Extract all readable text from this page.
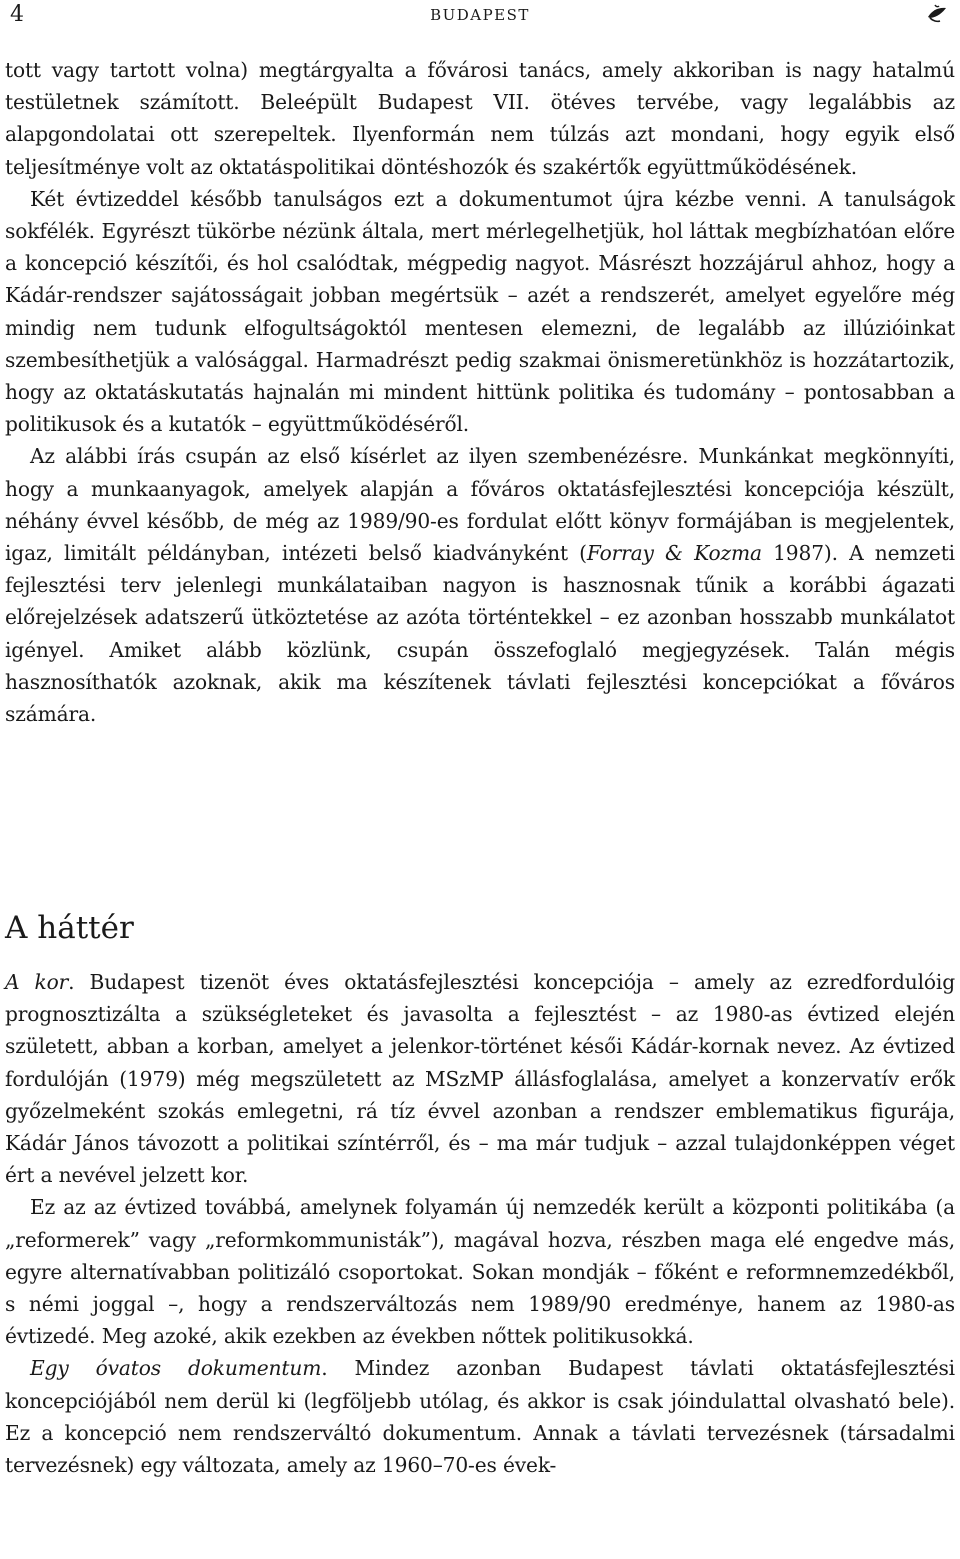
4	BUDAPEST

tott vagy tartott volna) megtárgyalta a fővárosi tanács, amely akkoriban is nagy hatalmú testületnek számított. Beleépült Budapest VII. ötéves tervébe, vagy legalábbis az alapgondolatai ott szerepeltek. Ilyenformán nem túlzás azt mondani, hogy egyik első teljesítménye volt az oktatáspolitikai döntéshozók és szakértők együttműködésének.

Két évtizeddel később tanulságos ezt a dokumentumot újra kézbe venni. A tanulságok sokfélék. Egyrészt tükörbe nézünk általa, mert mérlegelhetjük, hol láttak megbízhatóan előre a koncepció készítői, és hol csalódtak, mégpedig nagyot. Másrészt hozzájárul ahhoz, hogy a Kádár-rendszer sajátosságait jobban megértsük – azét a rendszerét, amelyet egyelőre még mindig nem tudunk elfogultságoktól mentesen elemezni, de legalább az illúzióinkat szembesíthetjük a valósággal. Harmadrészt pedig szakmai önismeretünkhöz is hozzátartozik, hogy az oktatáskutatás hajnalán mi mindent hittünk politika és tudomány – pontosabban a politikusok és a kutatók – együttműködéséről.

Az alábbi írás csupán az első kísérlet az ilyen szembenézésre. Munkánkat megkönnyíti, hogy a munkaanyagok, amelyek alapján a főváros oktatásfejlesztési koncepciója készült, néhány évvel később, de még az 1989/90-es fordulat előtt könyv formájában is megjelentek, igaz, limitált példányban, intézeti belső kiadványként (Forray & Kozma 1987). A nemzeti fejlesztési terv jelenlegi munkálataiban nagyon is hasznosnak tűnik a korábbi ágazati előrejelzések adatszerű ütköztetése az azóta történtekkel – ez azonban hosszabb munkálatot igényel. Amiket alább közlünk, csupán összefoglaló megjegyzések. Talán mégis hasznosíthatók azoknak, akik ma készítenek távlati fejlesztési koncepciókat a főváros számára.

A háttér

A kor. Budapest tizenöt éves oktatásfejlesztési koncepciója – amely az ezredfordulóig prognosztizálta a szükségleteket és javasolta a fejlesztést – az 1980-as évtized elején született, abban a korban, amelyet a jelenkor-történet késői Kádár-kornak nevez. Az évtized fordulóján (1979) még megszületett az MSzMP állásfoglalása, amelyet a konzervatív erők győzelmeként szokás emlegetni, rá tíz évvel azonban a rendszer emblematikus figurája, Kádár János távozott a politikai színtérről, és – ma már tudjuk – azzal tulajdonképpen véget ért a nevével jelzett kor.

Ez az az évtized továbbá, amelynek folyamán új nemzedék került a központi politikába (a „reformerek” vagy „reformkommunisták”), magával hozva, részben maga elé engedve más, egyre alternatívabban politizáló csoportokat. Sokan mondják – főként e reformnemzedékből, s némi joggal –, hogy a rendszerváltozás nem 1989/90 eredménye, hanem az 1980-as évtizedé. Meg azoké, akik ezekben az években nőttek politikusokká.

Egy óvatos dokumentum. Mindez azonban Budapest távlati oktatásfejlesztési koncepciójából nem derül ki (legföljebb utólag, és akkor is csak jóindulattal olvasható bele). Ez a koncepció nem rendszerváltó dokumentum. Annak a távlati tervezésnek (társadalmi tervezésnek) egy változata, amely az 1960–70-es évek-
